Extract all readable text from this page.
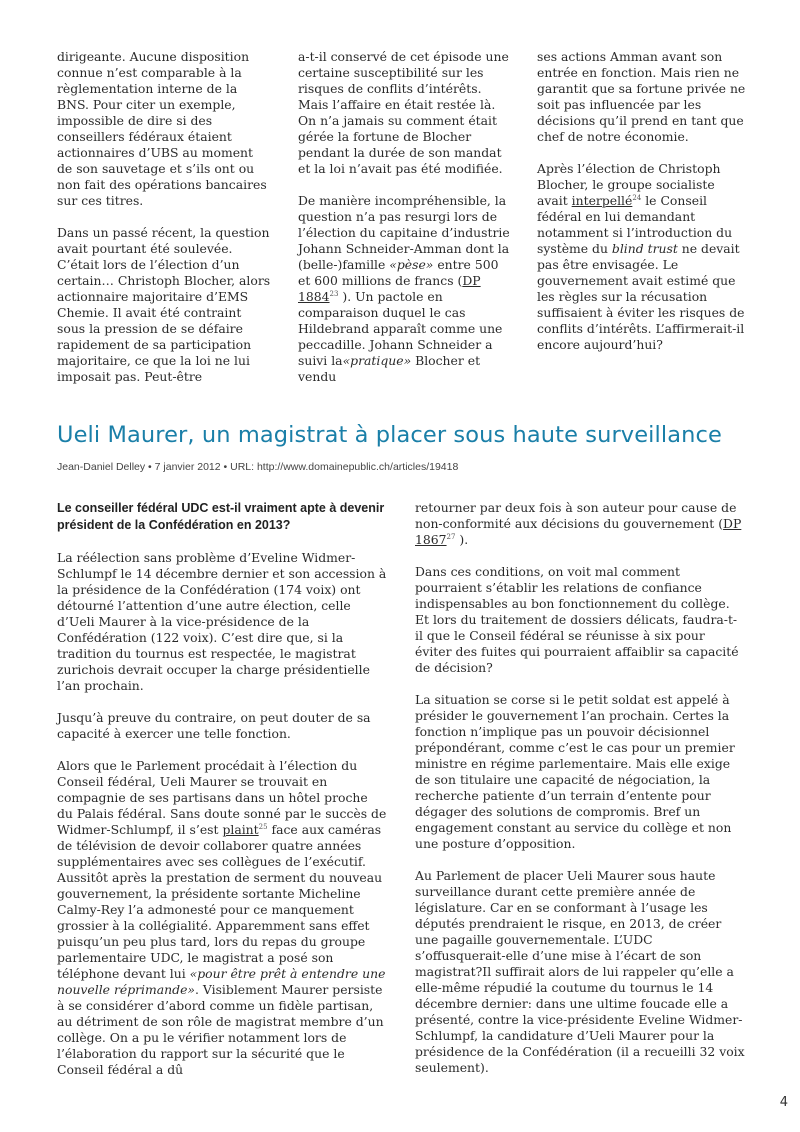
dirigeante. Aucune disposition connue n’est comparable à la règlementation interne de la BNS. Pour citer un exemple, impossible de dire si des conseillers fédéraux étaient actionnaires d’UBS au moment de son sauvetage et s’ils ont ou non fait des opérations bancaires sur ces titres.

Dans un passé récent, la question avait pourtant été soulevée. C’était lors de l’élection d’un certain… Christoph Blocher, alors actionnaire majoritaire d’EMS Chemie. Il avait été contraint sous la pression de se défaire rapidement de sa participation majoritaire, ce que la loi ne lui imposait pas. Peut-être

a-t-il conservé de cet épisode une certaine susceptibilité sur les risques de conflits d’intérêts. Mais l’affaire en était restée là. On n’a jamais su comment était gérée la fortune de Blocher pendant la durée de son mandat et la loi n’avait pas été modifiée.

De manière incompréhensible, la question n’a pas resurgi lors de l’élection du capitaine d’industrie Johann Schneider-Amman dont la (belle-)famille «pèse» entre 500 et 600 millions de francs (DP 1884$^{23}$ ). Un pactole en comparaison duquel le cas Hildebrand apparaît comme une peccadille. Johann Schneider a suivi la«pratique» Blocher et vendu

ses actions Amman avant son entrée en fonction. Mais rien ne garantit que sa fortune privée ne soit pas influencée par les décisions qu’il prend en tant que chef de notre économie.

Après l’élection de Christoph Blocher, le groupe socialiste avait interpellé$^{24}$ le Conseil fédéral en lui demandant notamment si l’introduction du système du blind trust ne devait pas être envisagée. Le gouvernement avait estimé que les règles sur la récusation suffisaient à éviter les risques de conflits d’intérêts. L’affirmerait-il encore aujourd’hui?

Ueli Maurer, un magistrat à placer sous haute surveillance

Jean-Daniel Delley • 7 janvier 2012 • URL: http://www.domainepublic.ch/articles/19418

Le conseiller fédéral UDC est-il vraiment apte à devenir président de la Confédération en 2013?

La réélection sans problème d’Eveline Widmer-Schlumpf le 14 décembre dernier et son accession à la présidence de la Confédération (174 voix) ont détourné l’attention d’une autre élection, celle d’Ueli Maurer à la vice-présidence de la Confédération (122 voix). C’est dire que, si la tradition du tournus est respectée, le magistrat zurichois devrait occuper la charge présidentielle l’an prochain.

Jusqu’à preuve du contraire, on peut douter de sa capacité à exercer une telle fonction.

Alors que le Parlement procédait à l’élection du Conseil fédéral, Ueli Maurer se trouvait en compagnie de ses partisans dans un hôtel proche du Palais fédéral. Sans doute sonné par le succès de Widmer-Schlumpf, il s’est plaint$^{25}$ face aux caméras de télévision de devoir collaborer quatre années supplémentaires avec ses collègues de l’exécutif. Aussitôt après la prestation de serment du nouveau gouvernement, la présidente sortante Micheline Calmy-Rey l’a admonesté pour ce manquement grossier à la collégialité. Apparemment sans effet puisqu’un peu plus tard, lors du repas du groupe parlementaire UDC, le magistrat a posé son téléphone devant lui «pour être prêt à entendre une nouvelle réprimande». Visiblement Maurer persiste à se considérer d’abord comme un fidèle partisan, au détriment de son rôle de magistrat membre d’un collège. On a pu le vérifier notamment lors de l’élaboration du rapport sur la sécurité que le Conseil fédéral a dû

retourner par deux fois à son auteur pour cause de non-conformité aux décisions du gouvernement (DP 1867$^{27}$ ).

Dans ces conditions, on voit mal comment pourraient s’établir les relations de confiance indispensables au bon fonctionnement du collège. Et lors du traitement de dossiers délicats, faudra-t-il que le Conseil fédéral se réunisse à six pour éviter des fuites qui pourraient affaiblir sa capacité de décision?

La situation se corse si le petit soldat est appelé à présider le gouvernement l’an prochain. Certes la fonction n’implique pas un pouvoir décisionnel prépondérant, comme c’est le cas pour un premier ministre en régime parlementaire. Mais elle exige de son titulaire une capacité de négociation, la recherche patiente d’un terrain d’entente pour dégager des solutions de compromis. Bref un engagement constant au service du collège et non une posture d’opposition.

Au Parlement de placer Ueli Maurer sous haute surveillance durant cette première année de législature. Car en se conformant à l’usage les députés prendraient le risque, en 2013, de créer une pagaille gouvernementale. L’UDC s’offusquerait-elle d’une mise à l’écart de son magistrat?Il suffirait alors de lui rappeler qu’elle a elle-même répudié la coutume du tournus le 14 décembre dernier: dans une ultime foucade elle a présenté, contre la vice-présidente Eveline Widmer-Schlumpf, la candidature d’Ueli Maurer pour la présidence de la Confédération (il a recueilli 32 voix seulement).

4
